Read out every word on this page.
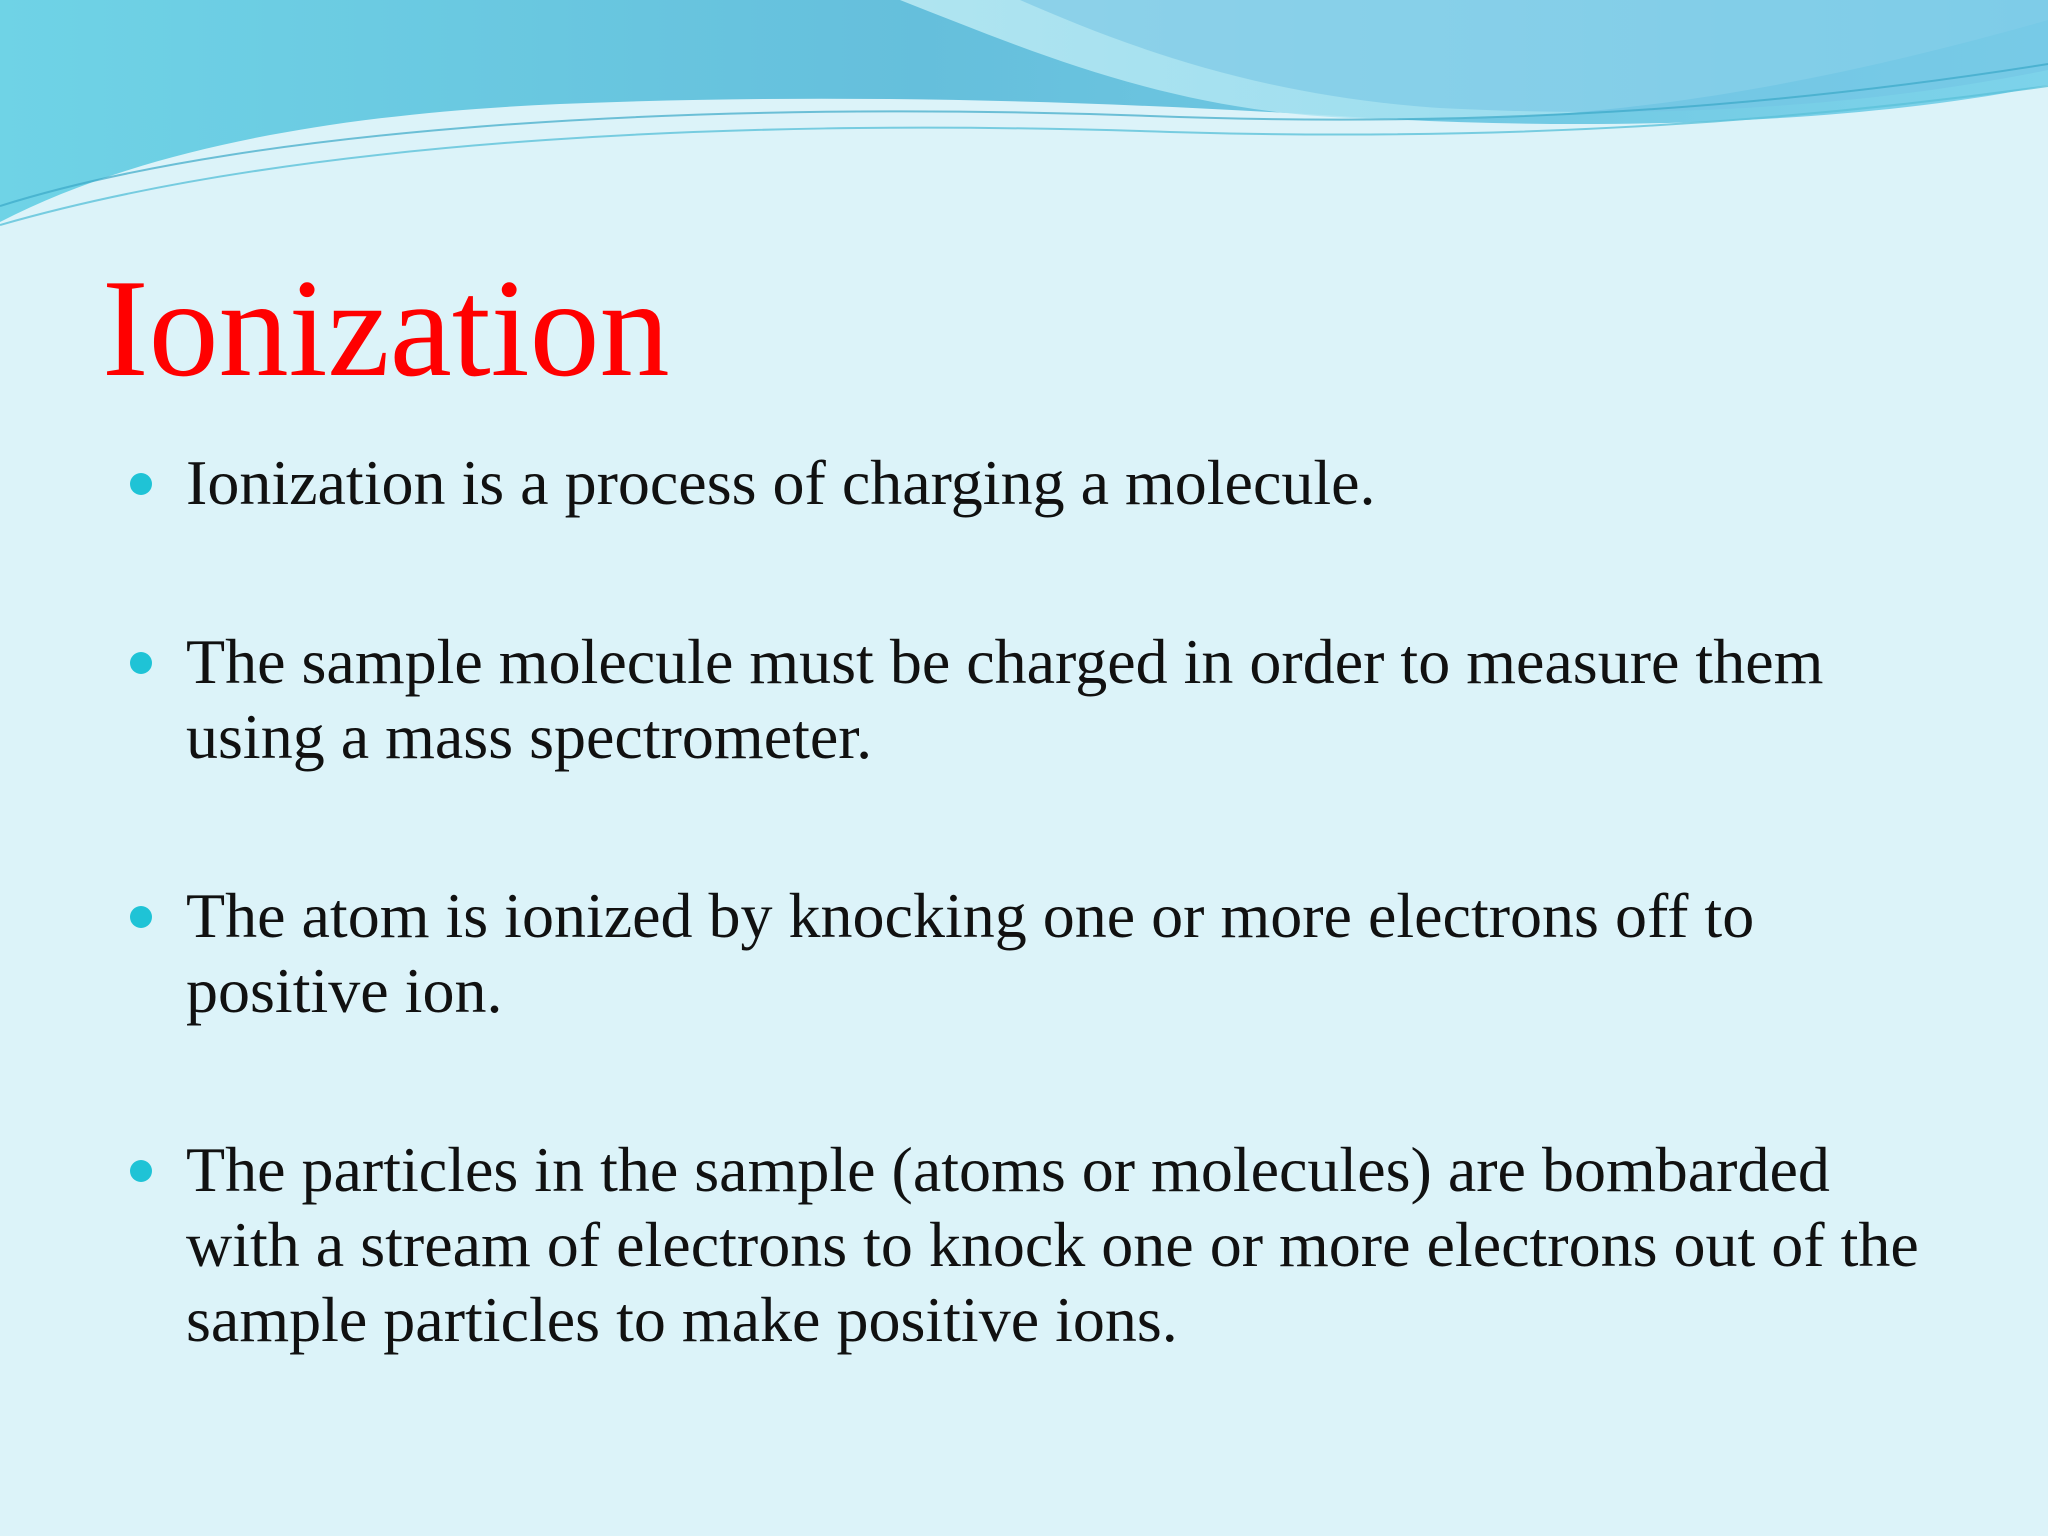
Ionization
Ionization is a process of charging a molecule.
The sample molecule must be charged in order to measure them using a mass spectrometer.
The atom is ionized by knocking one or more electrons off to positive ion.
The particles in the sample (atoms or molecules) are bombarded with a stream of electrons to knock one or more electrons out of the sample particles to make positive ions.
